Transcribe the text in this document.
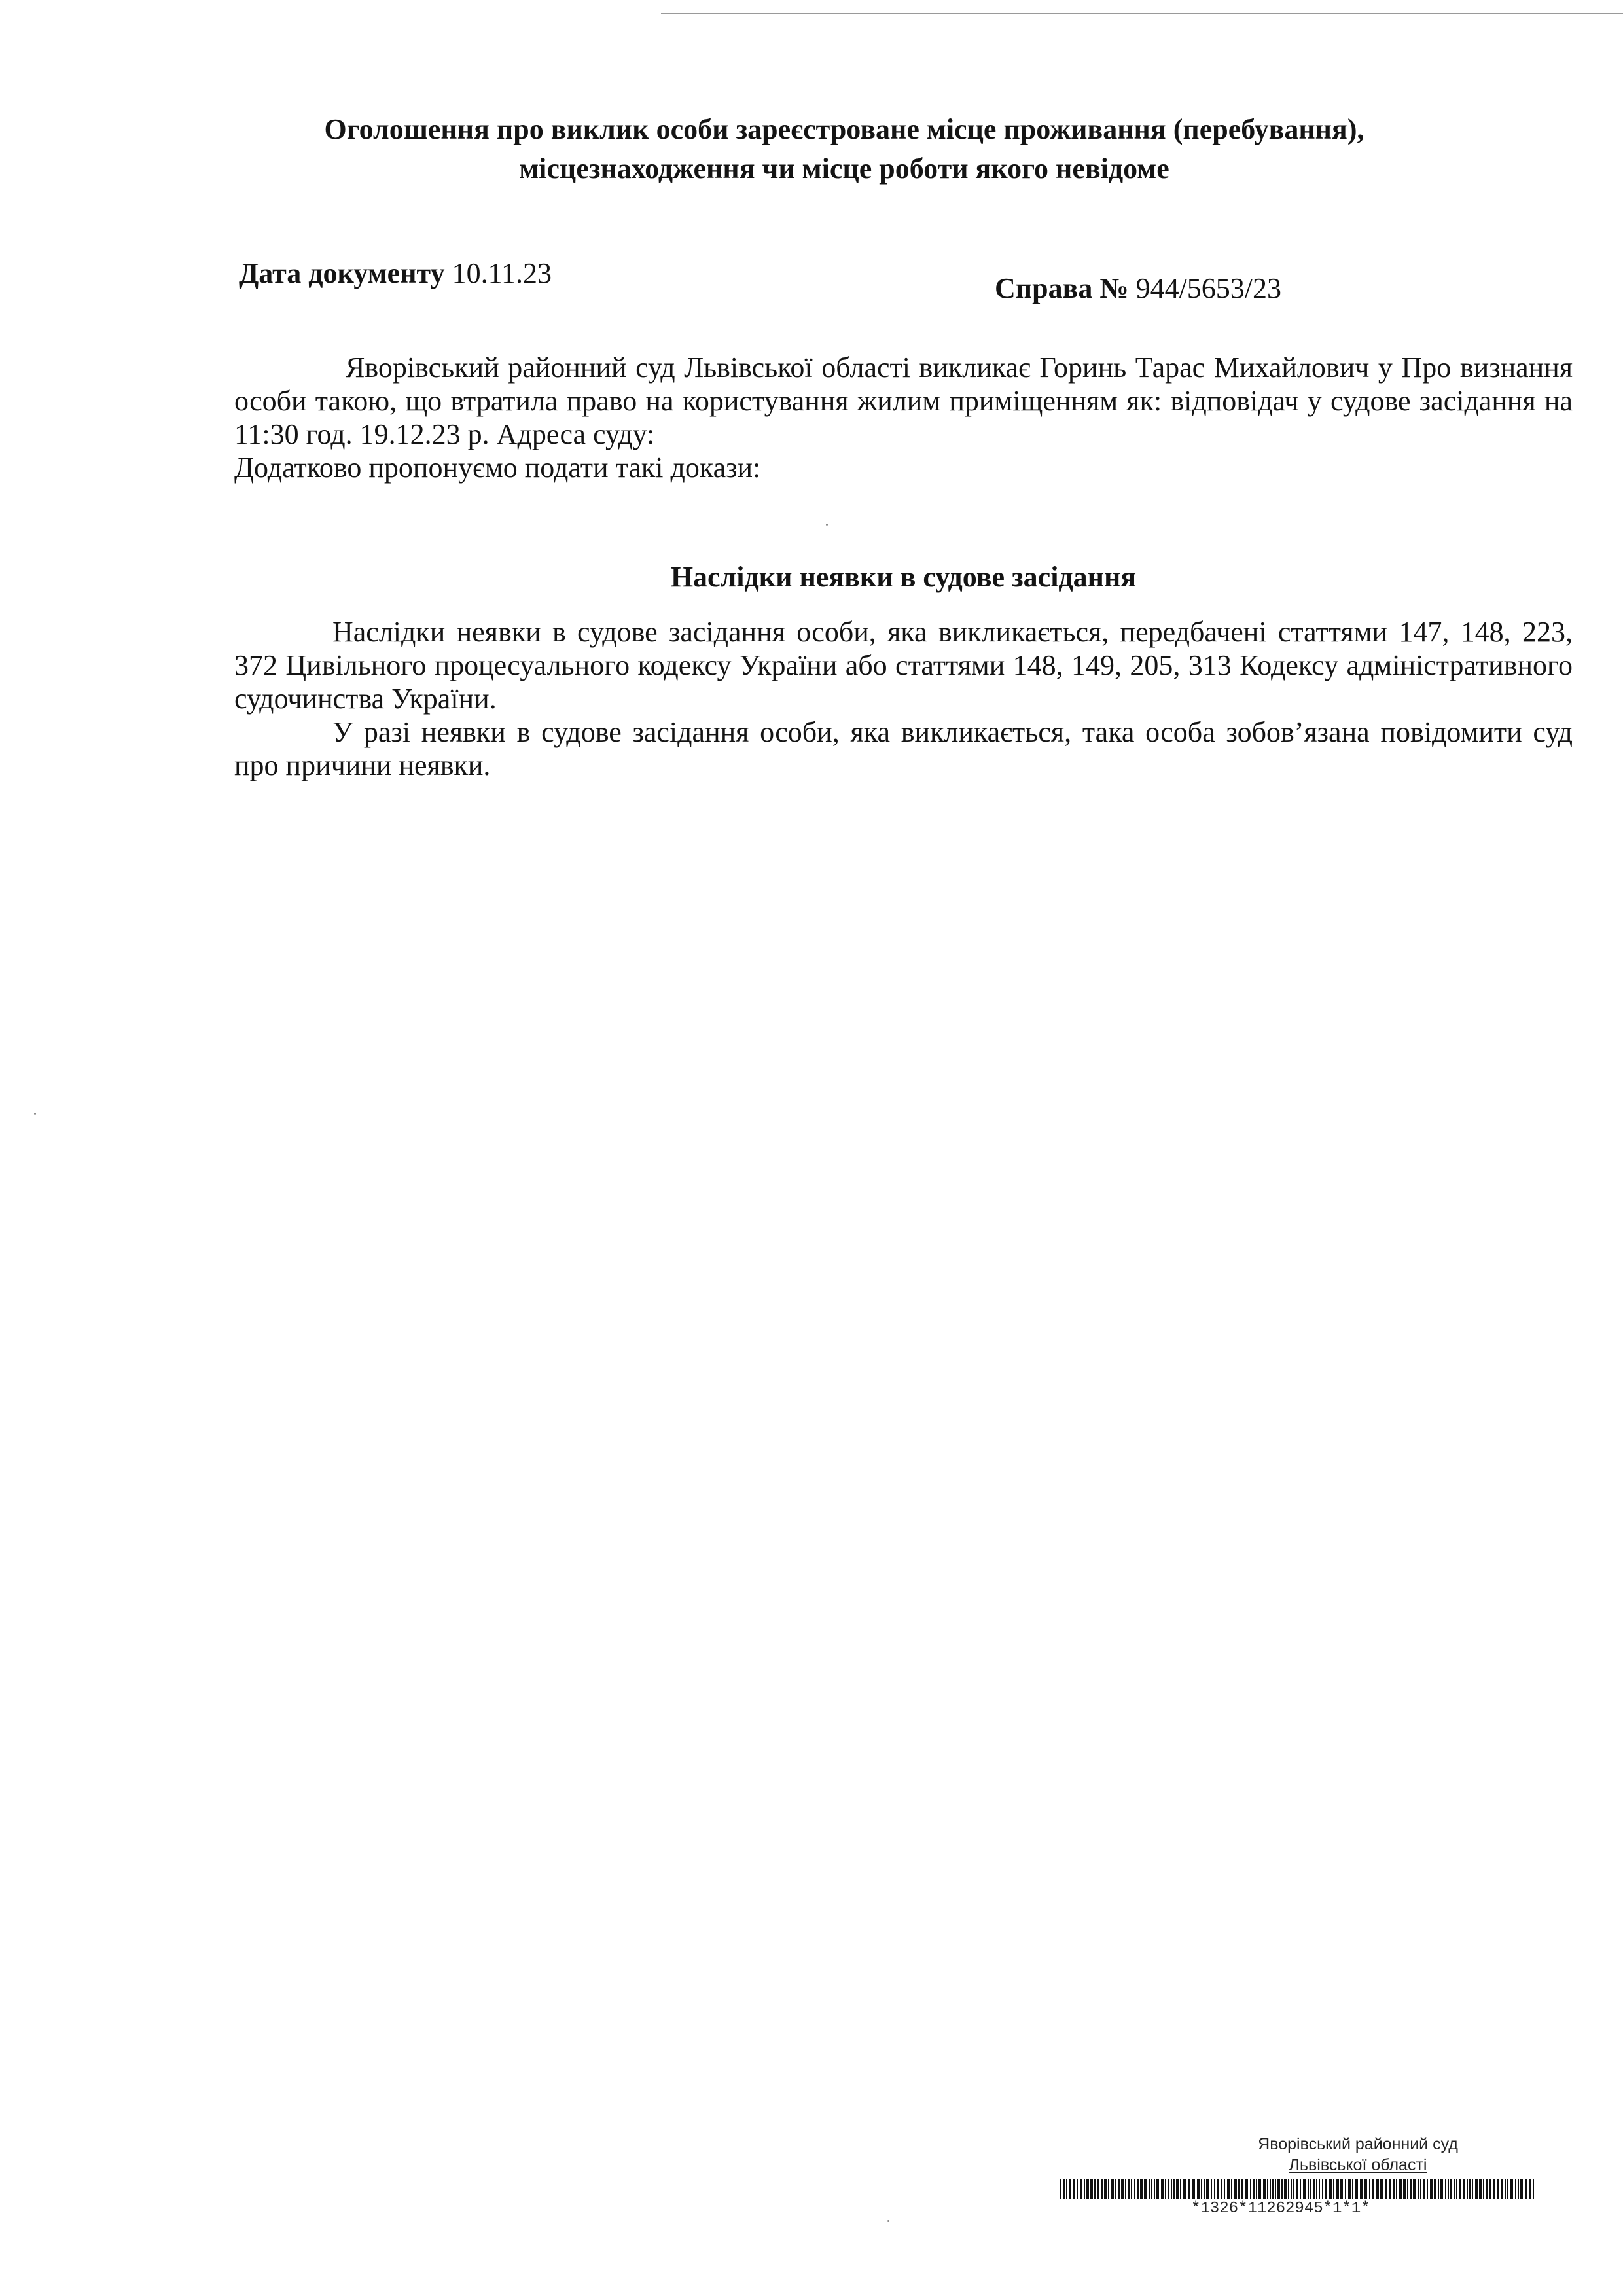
Оголошення про виклик особи зареєстроване місце проживання (перебування),
місцезнаходження чи місце роботи якого невідоме
Дата документу 10.11.23	Справа № 944/5653/23

Яворівський районний суд Львівської області викликає Горинь Тарас Михайлович у Про визнання особи такою, що втратила право на користування жилим приміщенням як: відповідач у судове засідання на 11:30 год. 19.12.23 р. Адреса суду:

Додатково пропонуємо подати такі докази:

Наслідки неявки в судове засідання

Наслідки неявки в судове засідання особи, яка викликається, передбачені статтями 147, 148, 223, 372 Цивільного процесуального кодексу України або статтями 148, 149, 205, 313 Кодексу адміністративного судочинства України.

У разі неявки в судове засідання особи, яка викликається, така особа зобов’язана повідомити суд про причини неявки.

Яворівський районний суд
Львівської області
*1326*11262945*1*1*
